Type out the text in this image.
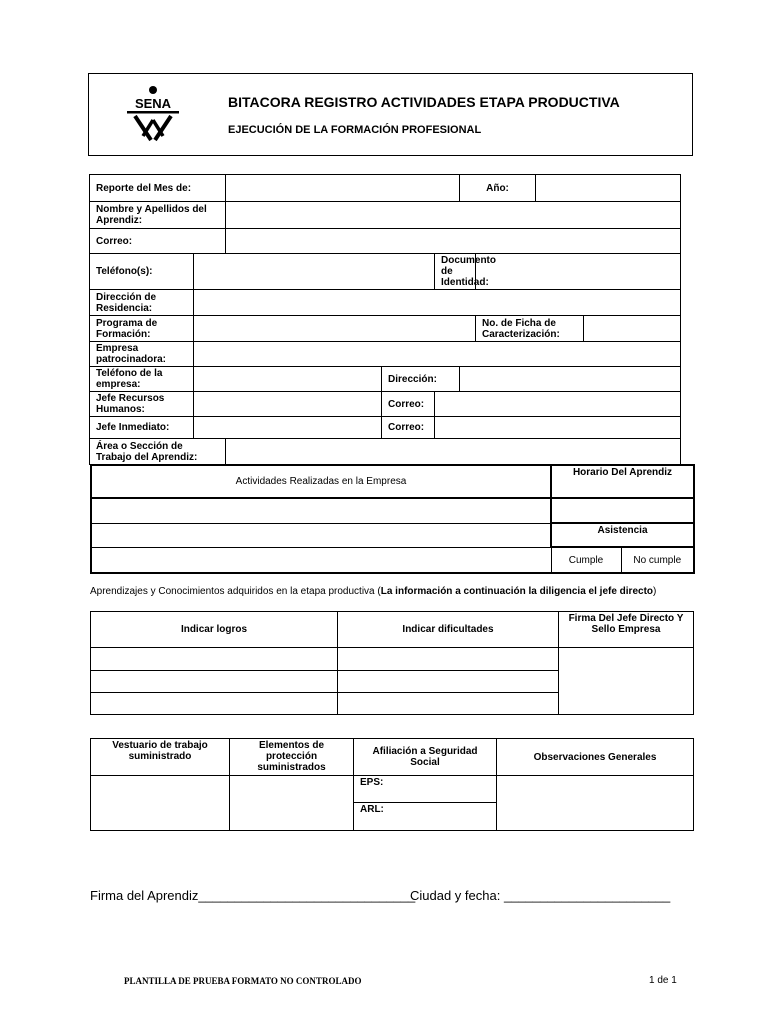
SENA	BITACORA REGISTRO ACTIVIDADES ETAPA PRODUCTIVA
EJECUCIÓN DE LA FORMACIÓN PROFESIONAL
Reporte del Mes de:					Año:			
Nombre y Apellidos del Aprendiz:								
Correo:								
Teléfono(s):				Documento de Identidad:				
Dirección de Residencia:								
Programa de Formación:						No. de Ficha de Caracterización:		
Empresa patrocinadora:								
Teléfono de la empresa:			Dirección:					
Jefe Recursos Humanos:			Correo:					
Jefe Inmediato:			Correo:					
Área o Sección de Trabajo del Aprendiz:								
Actividades Realizadas en la Empresa	Horario Del Aprendiz	

	Asistencia	
	Cumple	No cumple
Aprendizajes y Conocimientos adquiridos en la etapa productiva (La información a continuación la diligencia el jefe directo)
Indicar logros	Indicar dificultades	Firma Del Jefe Directo Y Sello Empresa

Vestuario de trabajo suministrado	Elementos de protección suministrados	Afiliación a Seguridad Social	Observaciones Generales
		EPS:	
		ARL:	
Firma del Aprendiz______________________________
Ciudad y fecha: _______________________
PLANTILLA DE PRUEBA FORMATO NO CONTROLADO	1 de 1
